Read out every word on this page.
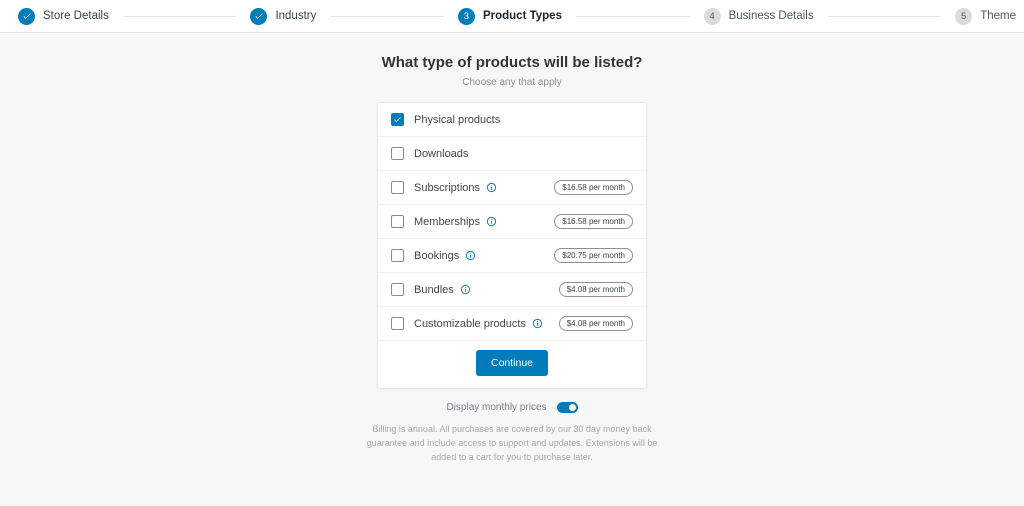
Store Details	Industry	3	Product Types	4	Business Details	5	Theme
What type of products will be listed?
Choose any that apply
Physical products
Downloads
Subscriptions	$16.58 per month
Memberships	$16.58 per month
Bookings	$20.75 per month
Bundles	$4.08 per month
Customizable products	$4.08 per month
Continue
Display monthly prices

Billing is annual. All purchases are covered by our 30 day money back guarantee and include access to support and updates. Extensions will be added to a cart for you to purchase later.
